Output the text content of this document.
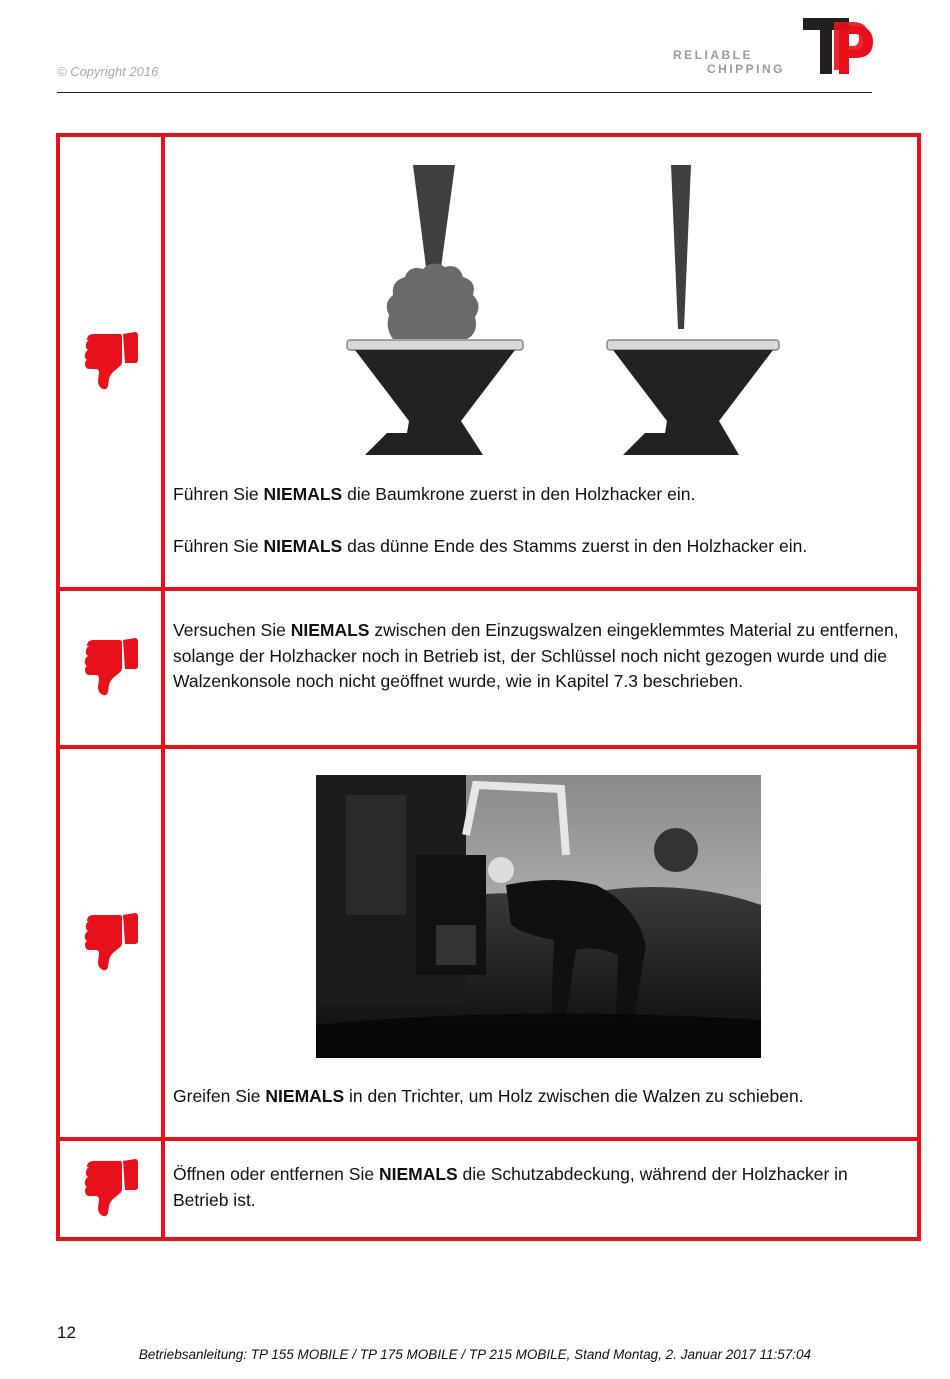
© Copyright 2016
RELIABLE
CHIPPING

Führen Sie NIEMALS die Baumkrone zuerst in den Holzhacker ein.

Führen Sie NIEMALS das dünne Ende des Stamms zuerst in den Holzhacker ein.

Versuchen Sie NIEMALS zwischen den Einzugswalzen eingeklemmtes Material zu entfernen, solange der Holzhacker noch in Betrieb ist, der Schlüssel noch nicht gezogen wurde und die Walzenkonsole noch nicht geöffnet wurde, wie in Kapitel 7.3 beschrieben.

Greifen Sie NIEMALS in den Trichter, um Holz zwischen die Walzen zu schieben.

Öffnen oder entfernen Sie NIEMALS die Schutzabdeckung, während der Holzhacker in Betrieb ist.

12
Betriebsanleitung: TP 155 MOBILE / TP 175 MOBILE / TP 215 MOBILE, Stand Montag, 2. Januar 2017 11:57:04
